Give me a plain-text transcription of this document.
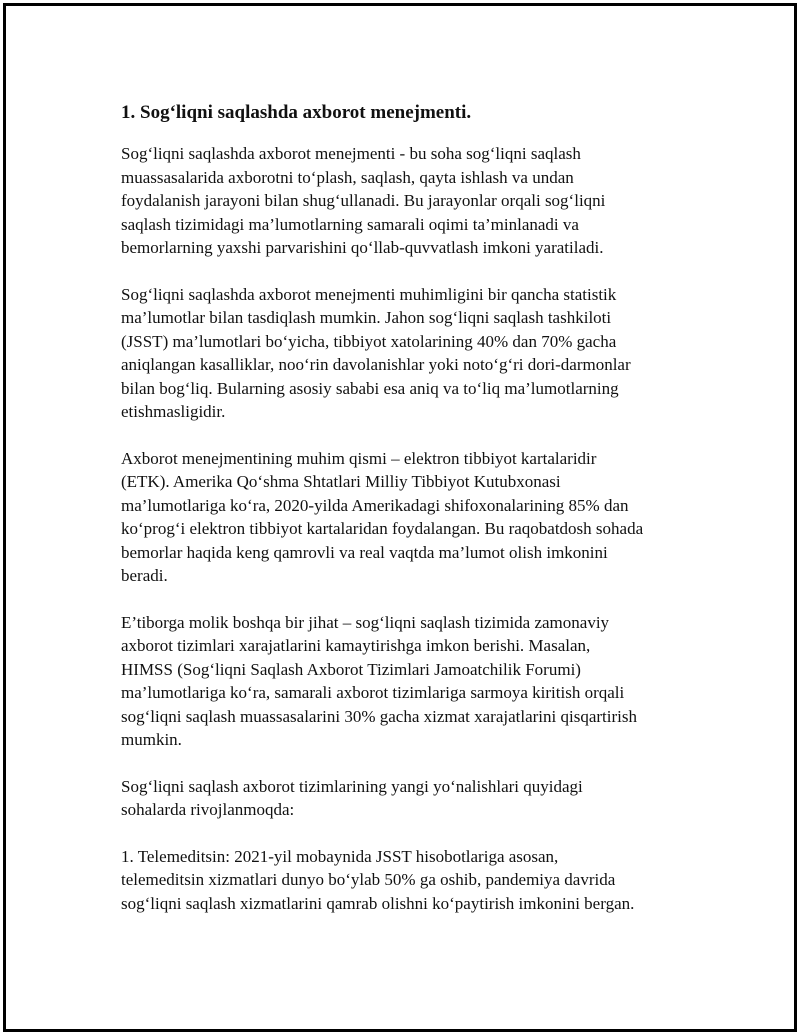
1. Sog‘liqni saqlashda axborot menejmenti.

Sog‘liqni saqlashda axborot menejmenti - bu soha sog‘liqni saqlash
muassasalarida axborotni to‘plash, saqlash, qayta ishlash va undan
foydalanish jarayoni bilan shug‘ullanadi. Bu jarayonlar orqali sog‘liqni
saqlash tizimidagi ma’lumotlarning samarali oqimi ta’minlanadi va
bemorlarning yaxshi parvarishini qo‘llab-quvvatlash imkoni yaratiladi.

Sog‘liqni saqlashda axborot menejmenti muhimligini bir qancha statistik
ma’lumotlar bilan tasdiqlash mumkin. Jahon sog‘liqni saqlash tashkiloti
(JSST) ma’lumotlari bo‘yicha, tibbiyot xatolarining 40% dan 70% gacha
aniqlangan kasalliklar, noo‘rin davolanishlar yoki noto‘g‘ri dori-darmonlar
bilan bog‘liq. Bularning asosiy sababi esa aniq va to‘liq ma’lumotlarning
etishmasligidir.

Axborot menejmentining muhim qismi – elektron tibbiyot kartalaridir
(ETK). Amerika Qo‘shma Shtatlari Milliy Tibbiyot Kutubxonasi
ma’lumotlariga ko‘ra, 2020-yilda Amerikadagi shifoxonalarining 85% dan
ko‘prog‘i elektron tibbiyot kartalaridan foydalangan. Bu raqobatdosh sohada
bemorlar haqida keng qamrovli va real vaqtda ma’lumot olish imkonini
beradi.

E’tiborga molik boshqa bir jihat – sog‘liqni saqlash tizimida zamonaviy
axborot tizimlari xarajatlarini kamaytirishga imkon berishi. Masalan,
HIMSS (Sog‘liqni Saqlash Axborot Tizimlari Jamoatchilik Forumi)
ma’lumotlariga ko‘ra, samarali axborot tizimlariga sarmoya kiritish orqali
sog‘liqni saqlash muassasalarini 30% gacha xizmat xarajatlarini qisqartirish
mumkin.

Sog‘liqni saqlash axborot tizimlarining yangi yo‘nalishlari quyidagi
sohalarda rivojlanmoqda:

1. Telemeditsin: 2021-yil mobaynida JSST hisobotlariga asosan,
telemeditsin xizmatlari dunyo bo‘ylab 50% ga oshib, pandemiya davrida
sog‘liqni saqlash xizmatlarini qamrab olishni ko‘paytirish imkonini bergan.
